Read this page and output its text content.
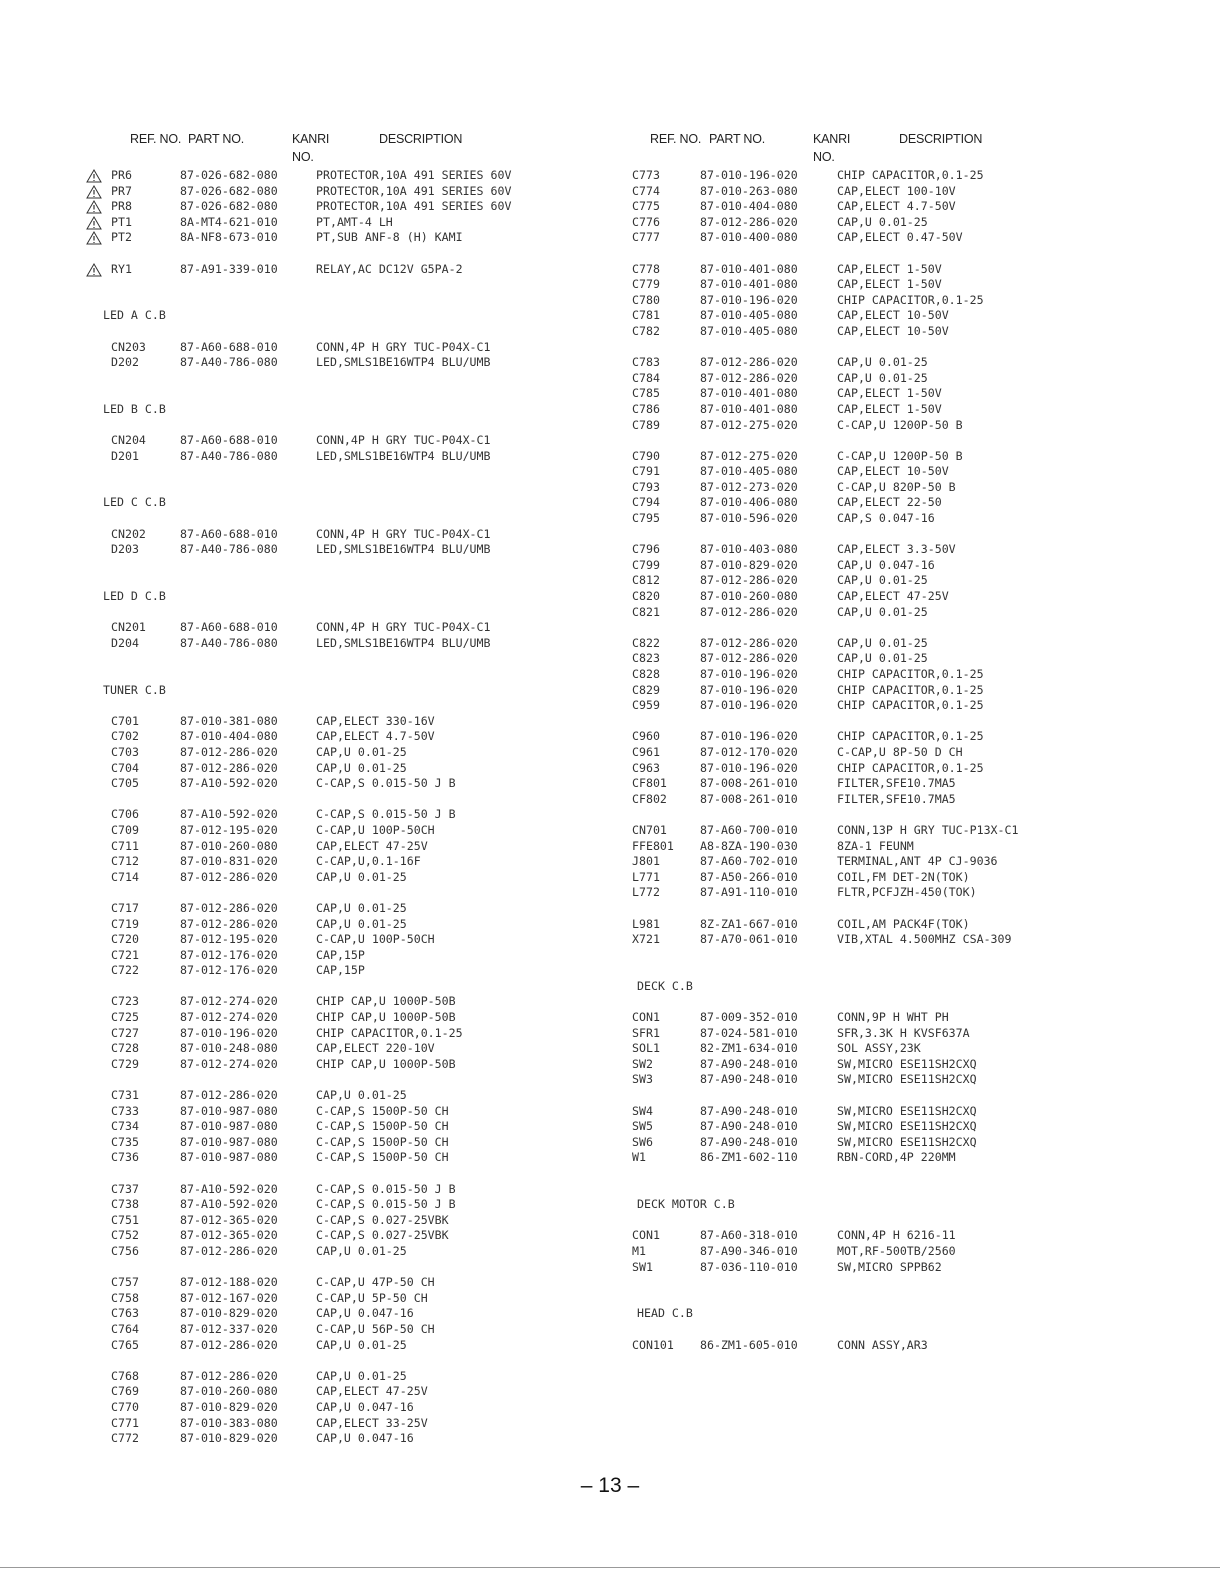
REF. NO. PART NO.	KANRI
NO.
DESCRIPTION
PR6	87-026-682-080	PROTECTOR,10A 491 SERIES 60V
PR7	87-026-682-080	PROTECTOR,10A 491 SERIES 60V
PR8	87-026-682-080	PROTECTOR,10A 491 SERIES 60V
PT1	8A-MT4-621-010	PT,AMT-4 LH
PT2	8A-NF8-673-010	PT,SUB ANF-8 (H) KAMI
RY1	87-A91-339-010	RELAY,AC DC12V G5PA-2
LED A C.B
CN203	87-A60-688-010	CONN,4P H GRY TUC-P04X-C1
D202	87-A40-786-080	LED,SMLS1BE16WTP4 BLU/UMB
LED B C.B
CN204	87-A60-688-010	CONN,4P H GRY TUC-P04X-C1
D201	87-A40-786-080	LED,SMLS1BE16WTP4 BLU/UMB
LED C C.B
CN202	87-A60-688-010	CONN,4P H GRY TUC-P04X-C1
D203	87-A40-786-080	LED,SMLS1BE16WTP4 BLU/UMB
LED D C.B
CN201	87-A60-688-010	CONN,4P H GRY TUC-P04X-C1
D204	87-A40-786-080	LED,SMLS1BE16WTP4 BLU/UMB
TUNER C.B
C701	87-010-381-080	CAP,ELECT 330-16V
C702	87-010-404-080	CAP,ELECT 4.7-50V
C703	87-012-286-020	CAP,U 0.01-25
C704	87-012-286-020	CAP,U 0.01-25
C705	87-A10-592-020	C-CAP,S 0.015-50 J B
C706	87-A10-592-020	C-CAP,S 0.015-50 J B
C709	87-012-195-020	C-CAP,U 100P-50CH
C711	87-010-260-080	CAP,ELECT 47-25V
C712	87-010-831-020	C-CAP,U,0.1-16F
C714	87-012-286-020	CAP,U 0.01-25
C717	87-012-286-020	CAP,U 0.01-25
C719	87-012-286-020	CAP,U 0.01-25
C720	87-012-195-020	C-CAP,U 100P-50CH
C721	87-012-176-020	CAP,15P
C722	87-012-176-020	CAP,15P
C723	87-012-274-020	CHIP CAP,U 1000P-50B
C725	87-012-274-020	CHIP CAP,U 1000P-50B
C727	87-010-196-020	CHIP CAPACITOR,0.1-25
C728	87-010-248-080	CAP,ELECT 220-10V
C729	87-012-274-020	CHIP CAP,U 1000P-50B
C731	87-012-286-020	CAP,U 0.01-25
C733	87-010-987-080	C-CAP,S 1500P-50 CH
C734	87-010-987-080	C-CAP,S 1500P-50 CH
C735	87-010-987-080	C-CAP,S 1500P-50 CH
C736	87-010-987-080	C-CAP,S 1500P-50 CH
C737	87-A10-592-020	C-CAP,S 0.015-50 J B
C738	87-A10-592-020	C-CAP,S 0.015-50 J B
C751	87-012-365-020	C-CAP,S 0.027-25VBK
C752	87-012-365-020	C-CAP,S 0.027-25VBK
C756	87-012-286-020	CAP,U 0.01-25
C757	87-012-188-020	C-CAP,U 47P-50 CH
C758	87-012-167-020	C-CAP,U 5P-50 CH
C763	87-010-829-020	CAP,U 0.047-16
C764	87-012-337-020	C-CAP,U 56P-50 CH
C765	87-012-286-020	CAP,U 0.01-25
C768	87-012-286-020	CAP,U 0.01-25
C769	87-010-260-080	CAP,ELECT 47-25V
C770	87-010-829-020	CAP,U 0.047-16
C771	87-010-383-080	CAP,ELECT 33-25V
C772	87-010-829-020	CAP,U 0.047-16
REF. NO. PART NO.	KANRI
NO.
DESCRIPTION
C773	87-010-196-020	CHIP CAPACITOR,0.1-25
C774	87-010-263-080	CAP,ELECT 100-10V
C775	87-010-404-080	CAP,ELECT 4.7-50V
C776	87-012-286-020	CAP,U 0.01-25
C777	87-010-400-080	CAP,ELECT 0.47-50V
C778	87-010-401-080	CAP,ELECT 1-50V
C779	87-010-401-080	CAP,ELECT 1-50V
C780	87-010-196-020	CHIP CAPACITOR,0.1-25
C781	87-010-405-080	CAP,ELECT 10-50V
C782	87-010-405-080	CAP,ELECT 10-50V
C783	87-012-286-020	CAP,U 0.01-25
C784	87-012-286-020	CAP,U 0.01-25
C785	87-010-401-080	CAP,ELECT 1-50V
C786	87-010-401-080	CAP,ELECT 1-50V
C789	87-012-275-020	C-CAP,U 1200P-50 B
C790	87-012-275-020	C-CAP,U 1200P-50 B
C791	87-010-405-080	CAP,ELECT 10-50V
C793	87-012-273-020	C-CAP,U 820P-50 B
C794	87-010-406-080	CAP,ELECT 22-50
C795	87-010-596-020	CAP,S 0.047-16
C796	87-010-403-080	CAP,ELECT 3.3-50V
C799	87-010-829-020	CAP,U 0.047-16
C812	87-012-286-020	CAP,U 0.01-25
C820	87-010-260-080	CAP,ELECT 47-25V
C821	87-012-286-020	CAP,U 0.01-25
C822	87-012-286-020	CAP,U 0.01-25
C823	87-012-286-020	CAP,U 0.01-25
C828	87-010-196-020	CHIP CAPACITOR,0.1-25
C829	87-010-196-020	CHIP CAPACITOR,0.1-25
C959	87-010-196-020	CHIP CAPACITOR,0.1-25
C960	87-010-196-020	CHIP CAPACITOR,0.1-25
C961	87-012-170-020	C-CAP,U 8P-50 D CH
C963	87-010-196-020	CHIP CAPACITOR,0.1-25
CF801	87-008-261-010	FILTER,SFE10.7MA5
CF802	87-008-261-010	FILTER,SFE10.7MA5
CN701	87-A60-700-010	CONN,13P H GRY TUC-P13X-C1
FFE801 A8-8ZA-190-030	8ZA-1 FEUNM
J801	87-A60-702-010	TERMINAL,ANT 4P CJ-9036
L771	87-A50-266-010	COIL,FM DET-2N(TOK)
L772	87-A91-110-010	FLTR,PCFJZH-450(TOK)
L981	8Z-ZA1-667-010	COIL,AM PACK4F(TOK)
X721	87-A70-061-010	VIB,XTAL 4.500MHZ CSA-309
DECK C.B
CON1	87-009-352-010	CONN,9P H WHT PH
SFR1	87-024-581-010	SFR,3.3K H KVSF637A
SOL1	82-ZM1-634-010	SOL ASSY,23K
SW2	87-A90-248-010	SW,MICRO ESE11SH2CXQ
SW3	87-A90-248-010	SW,MICRO ESE11SH2CXQ
SW4	87-A90-248-010	SW,MICRO ESE11SH2CXQ
SW5	87-A90-248-010	SW,MICRO ESE11SH2CXQ
SW6	87-A90-248-010	SW,MICRO ESE11SH2CXQ
W1	86-ZM1-602-110	RBN-CORD,4P 220MM
DECK MOTOR C.B
CON1	87-A60-318-010	CONN,4P H 6216-11
M1	87-A90-346-010	MOT,RF-500TB/2560
SW1	87-036-110-010	SW,MICRO SPPB62
HEAD C.B
CON101 86-ZM1-605-010	CONN ASSY,AR3
– 13 –
